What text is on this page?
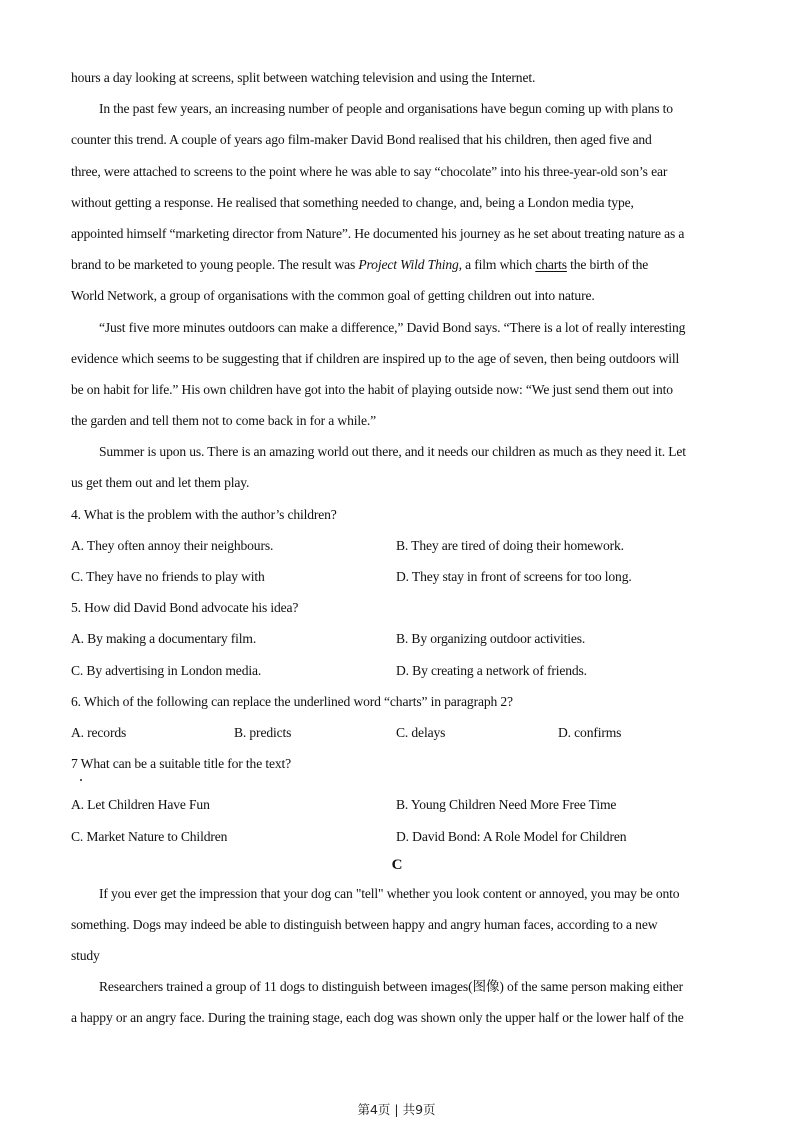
hours a day looking at screens, split between watching television and using the Internet.
In the past few years, an increasing number of people and organisations have begun coming up with plans to
counter this trend. A couple of years ago film-maker David Bond realised that his children, then aged five and
three, were attached to screens to the point where he was able to say “chocolate” into his three-year-old son’s ear
without getting a response. He realised that something needed to change, and, being a London media type,
appointed himself “marketing director from Nature”. He documented his journey as he set about treating nature as a
brand to be marketed to young people. The result was Project Wild Thing, a film which charts the birth of the
World Network, a group of organisations with the common goal of getting children out into nature.
“Just five more minutes outdoors can make a difference,” David Bond says. “There is a lot of really interesting
evidence which seems to be suggesting that if children are inspired up to the age of seven, then being outdoors will
be on habit for life.” His own children have got into the habit of playing outside now: “We just send them out into
the garden and tell them not to come back in for a while.”
Summer is upon us. There is an amazing world out there, and it needs our children as much as they need it. Let
us get them out and let them play.
4. What is the problem with the author’s children?
A. They often annoy their neighbours.	B. They are tired of doing their homework.
C. They have no friends to play with	D. They stay in front of screens for too long.
5. How did David Bond advocate his idea?
A. By making a documentary film.	B. By organizing outdoor activities.
C. By advertising in London media.	D. By creating a network of friends.
6. Which of the following can replace the underlined word “charts” in paragraph 2?
A. records	B. predicts	C. delays	D. confirms
7 What can be a suitable title for the text?
A. Let Children Have Fun	B. Young Children Need More Free Time
C. Market Nature to Children	D. David Bond: A Role Model for Children
C
If you ever get the impression that your dog can "tell" whether you look content or annoyed, you may be onto
something. Dogs may indeed be able to distinguish between happy and angry human faces, according to a new
study
Researchers trained a group of 11 dogs to distinguish between images(图像) of the same person making either
a happy or an angry face. During the training stage, each dog was shown only the upper half or the lower half of the
第4页 | 共9页
